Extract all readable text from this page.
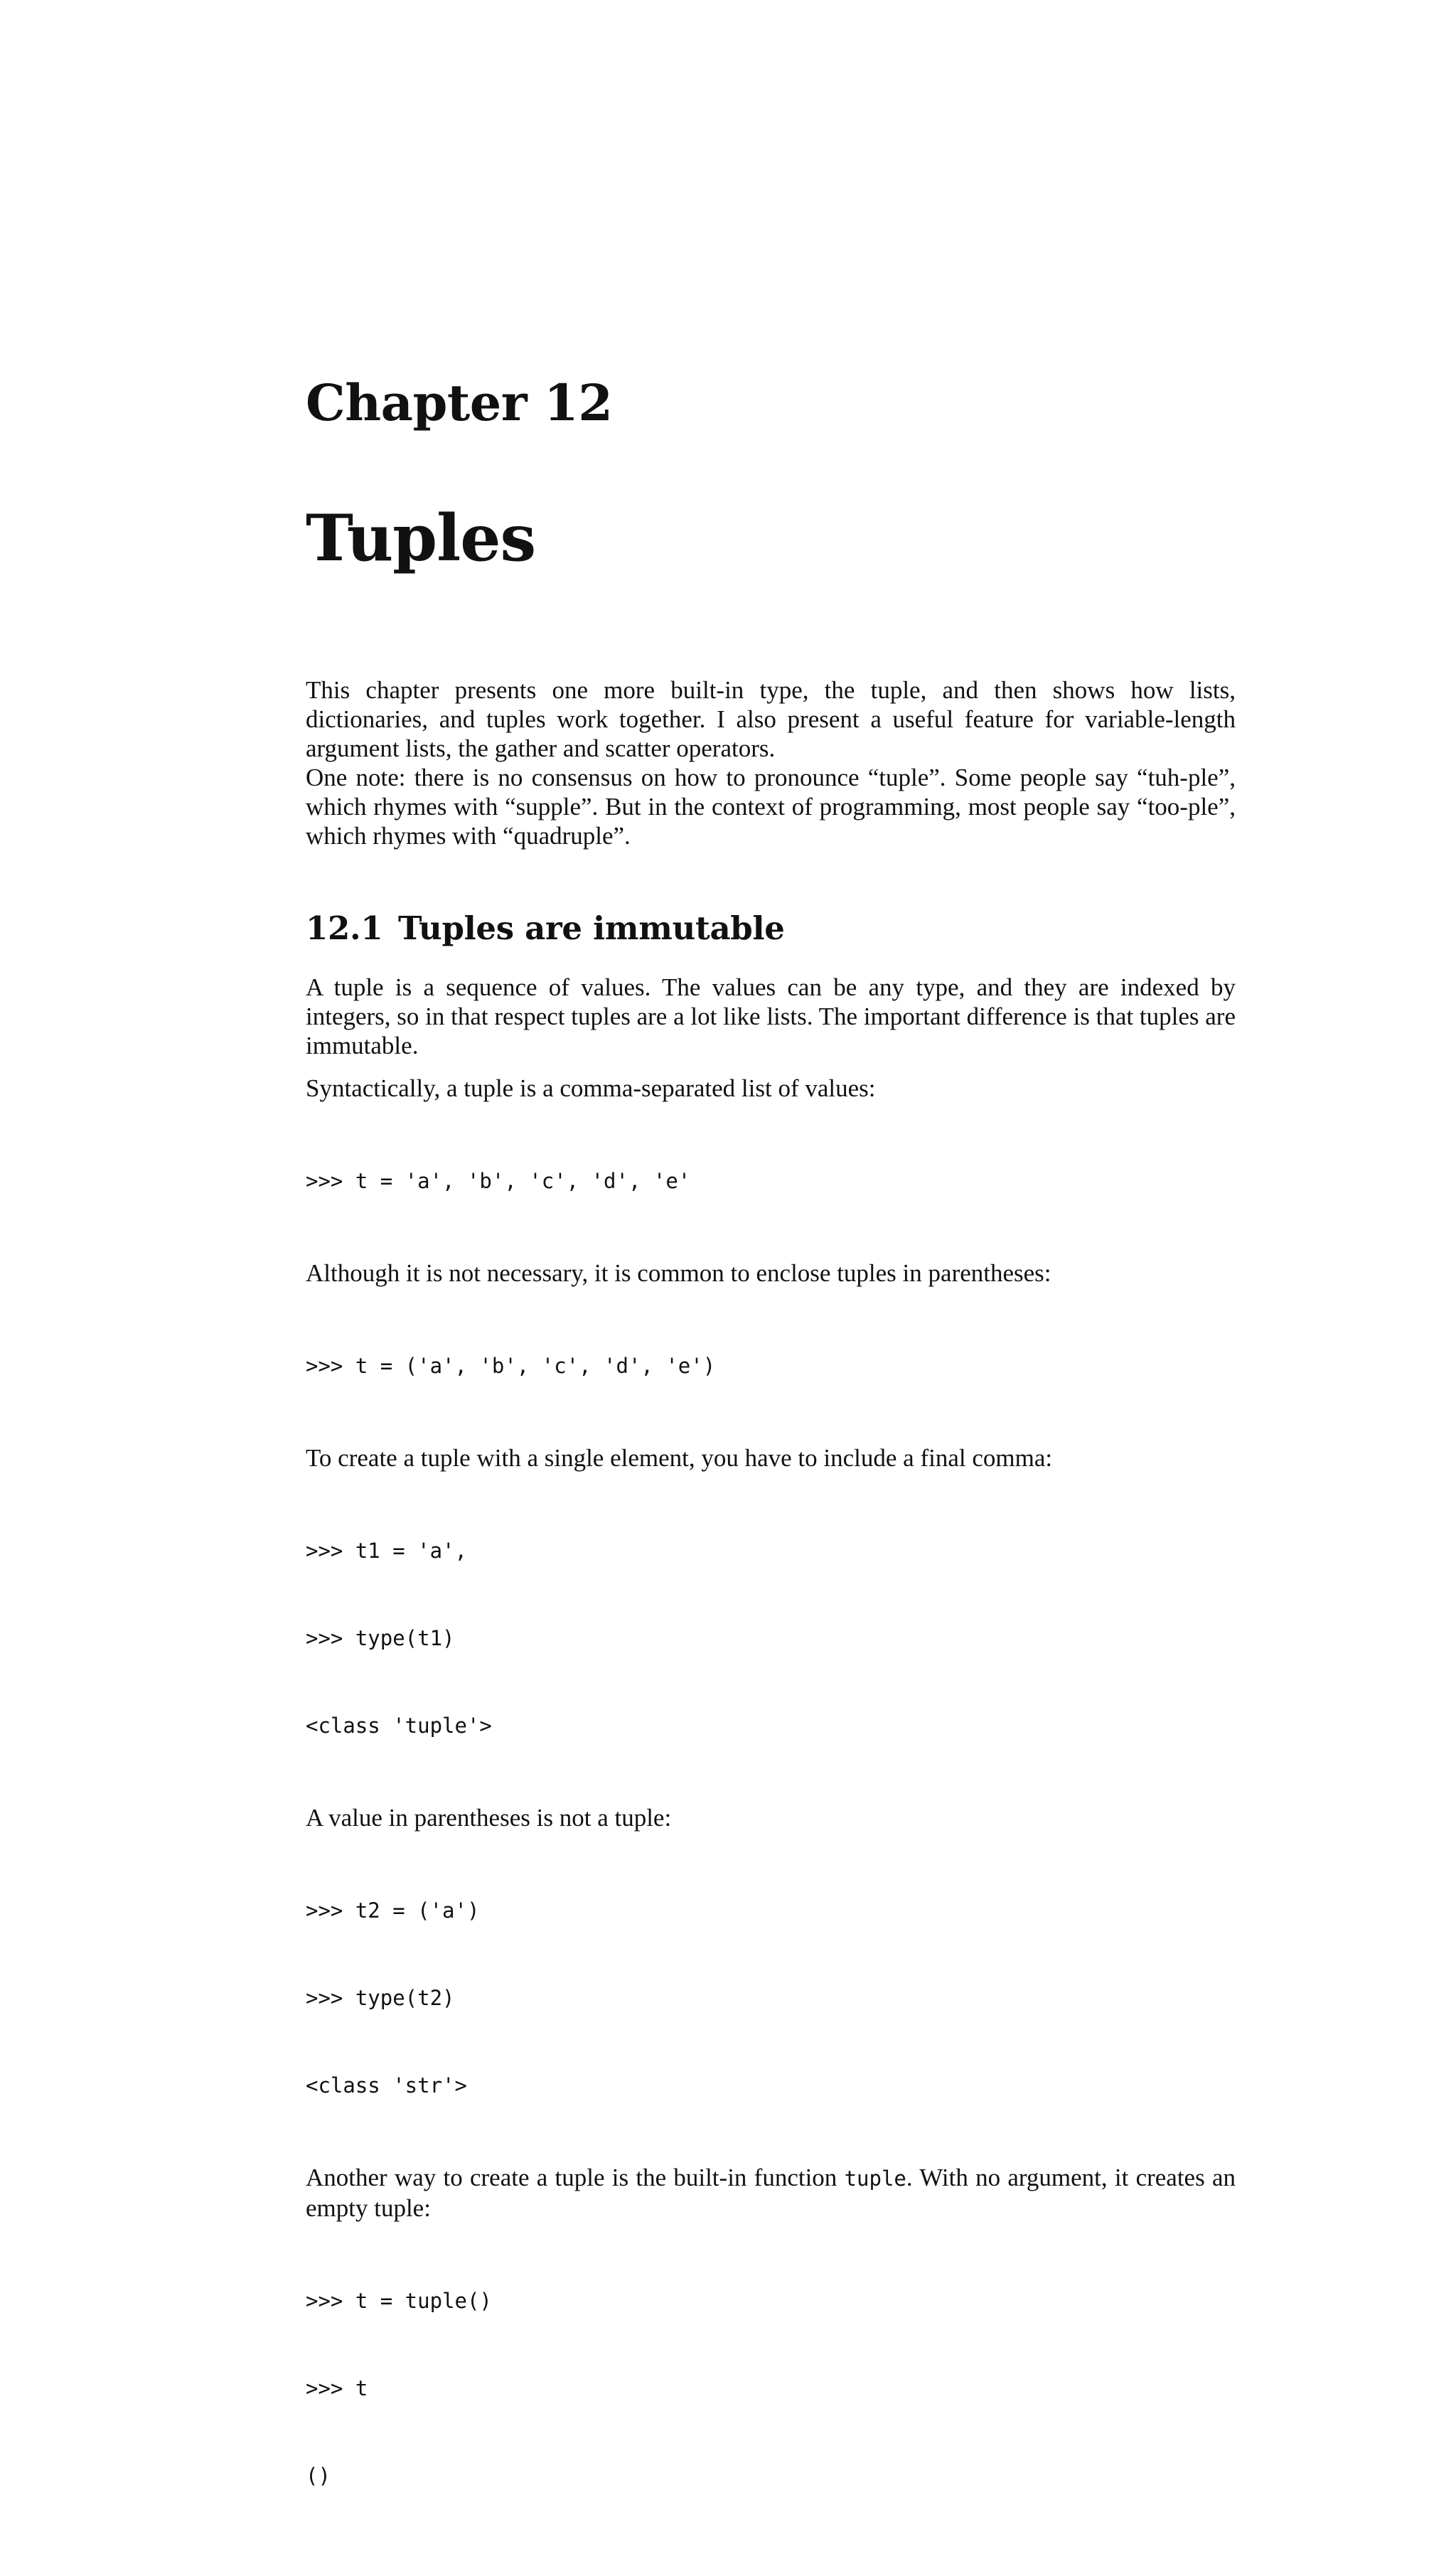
Chapter 12
Tuples

This chapter presents one more built-in type, the tuple, and then shows how lists, dictionaries, and tuples work together. I also present a useful feature for variable-length argument lists, the gather and scatter operators.

One note: there is no consensus on how to pronounce “tuple”. Some people say “tuh-ple”, which rhymes with “supple”. But in the context of programming, most people say “too-ple”, which rhymes with “quadruple”.

12.1 Tuples are immutable

A tuple is a sequence of values. The values can be any type, and they are indexed by integers, so in that respect tuples are a lot like lists. The important difference is that tuples are immutable.

Syntactically, a tuple is a comma-separated list of values:

>>> t = 'a', 'b', 'c', 'd', 'e'

Although it is not necessary, it is common to enclose tuples in parentheses:

>>> t = ('a', 'b', 'c', 'd', 'e')

To create a tuple with a single element, you have to include a final comma:

>>> t1 = 'a',

>>> type(t1)

<class 'tuple'>

A value in parentheses is not a tuple:

>>> t2 = ('a')

>>> type(t2)

<class 'str'>

Another way to create a tuple is the built-in function tuple. With no argument, it creates an empty tuple:

>>> t = tuple()

>>> t

()
